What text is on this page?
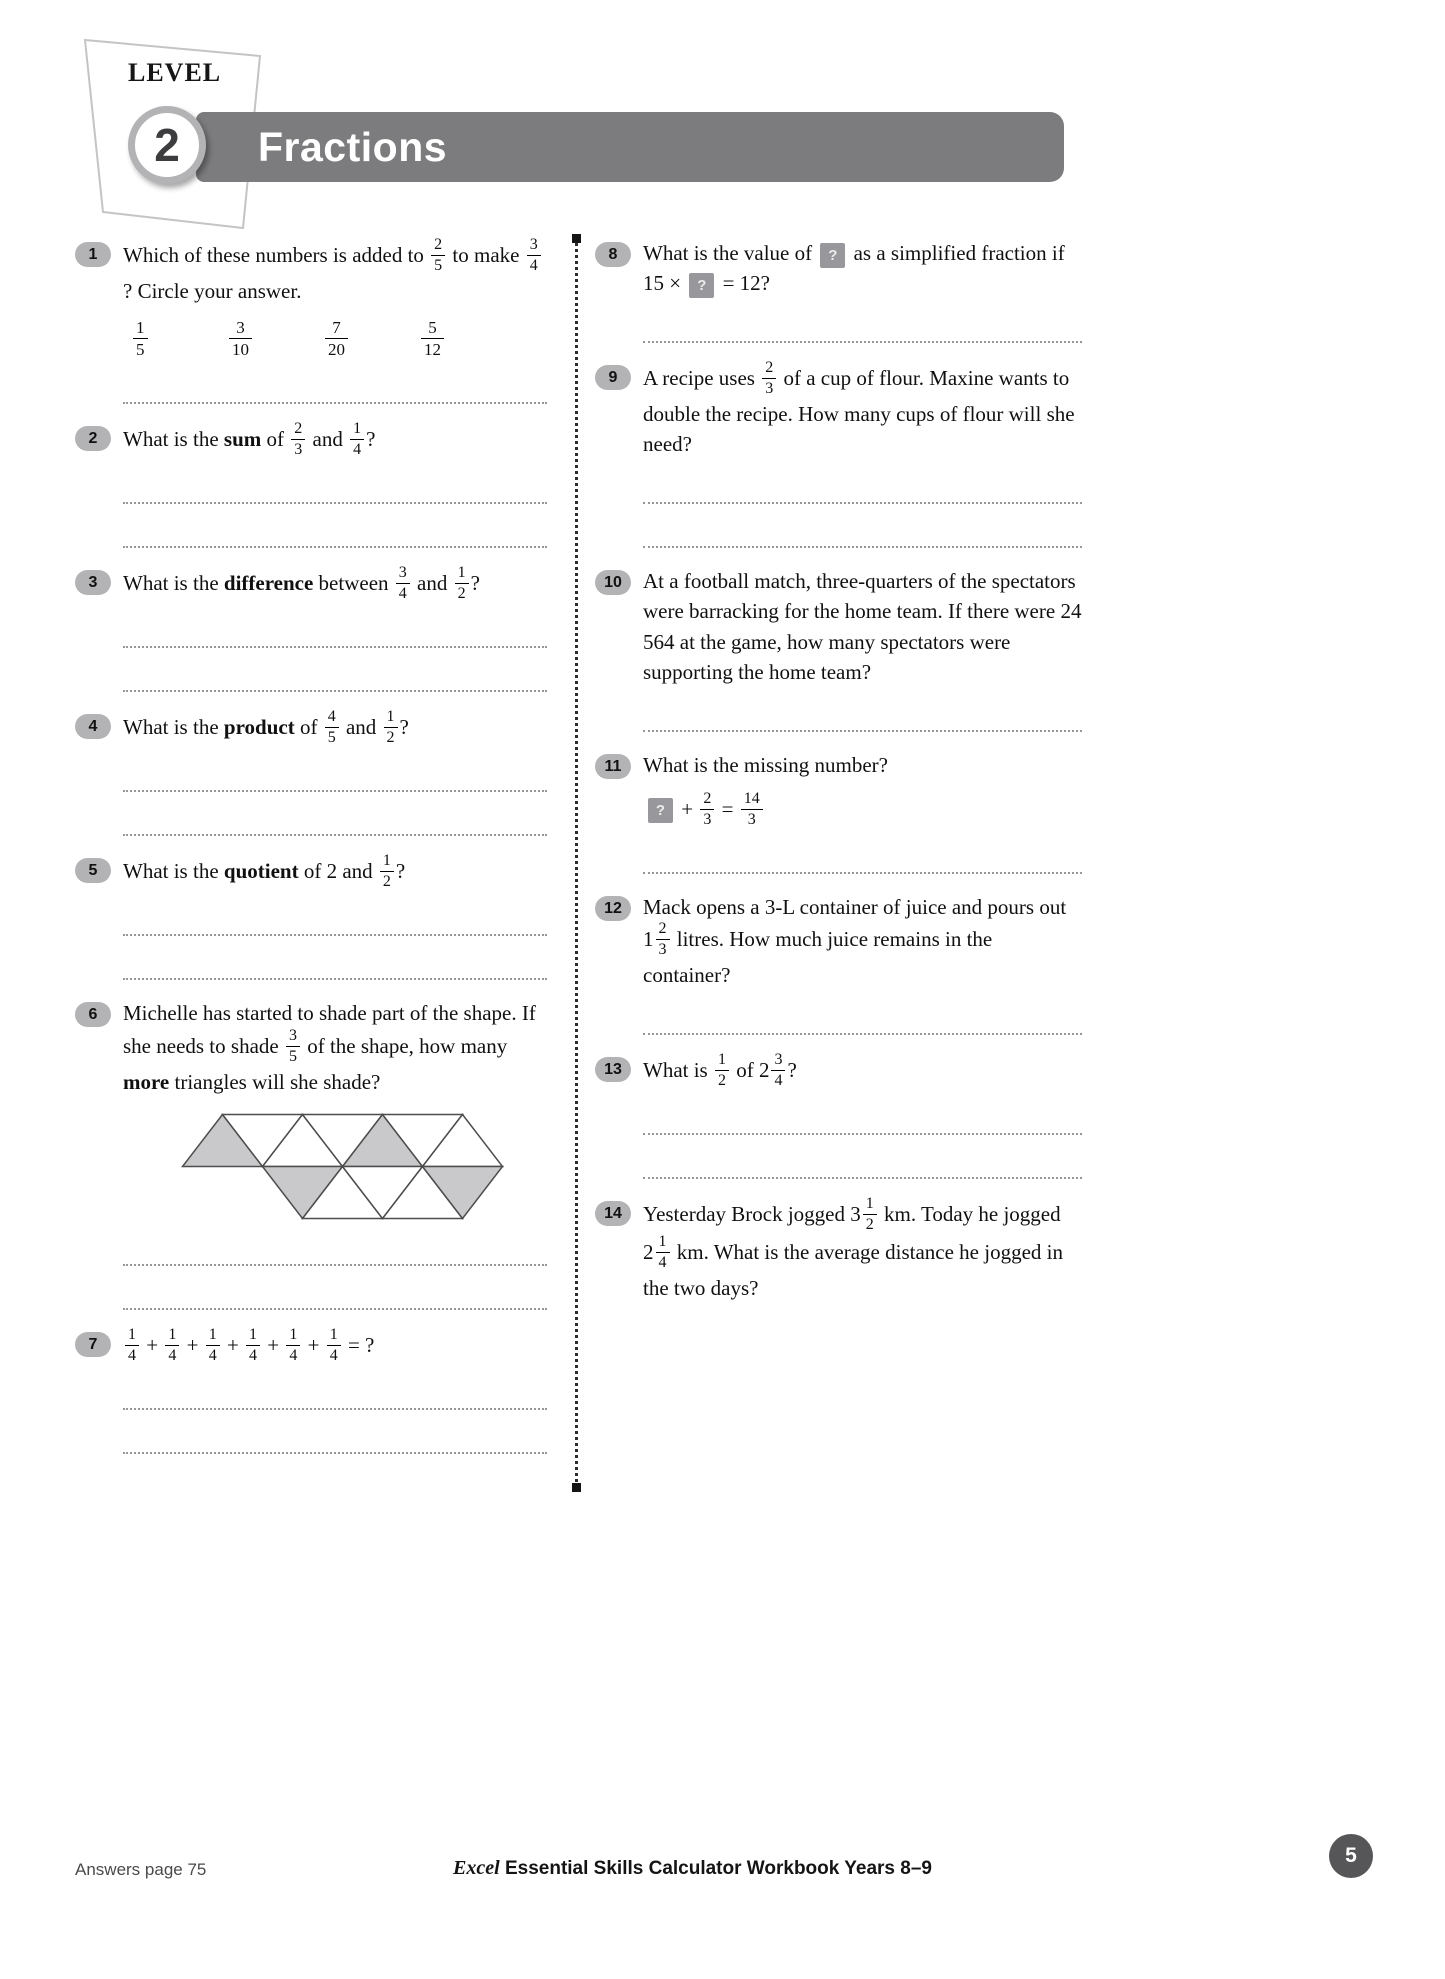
LEVEL
Fractions
2
1	Which of these numbers is added to $\frac{2}{5}$ to make $\frac{3}{4}$
? Circle your answer.

$\frac{1}{5}$	$\frac{3}{10}$	$\frac{7}{20}$	$\frac{5}{12}$
2	What is the sum of $\frac{2}{3}$ and $\frac{1}{4}$ ?

3	What is the difference between $\frac{3}{4}$ and $\frac{1}{2}$ ?

4	What is the product of $\frac{4}{5}$ and $\frac{1}{2}$ ?

5	What is the quotient of 2 and $\frac{1}{2}$ ?

6	Michelle has started to shade part of the shape. If she needs to shade $\frac{3}{5}$ of the shape, how many more triangles will she shade?

7	$\frac{1}{4} + \frac{1}{4} + \frac{1}{4} + \frac{1}{4} + \frac{1}{4} + \frac{1}{4}$ = ?

8	What is the value of ? as a simplified fraction if 15 × ? = 12?

9	A recipe uses $\frac{2}{3}$ of a cup of flour. Maxine wants to double the recipe. How many cups of flour will she need?

10	At a football match, three-quarters of the spectators were barracking for the home team. If there were 24 564 at the game, how many spectators were supporting the home team?

11	What is the missing number?

? + $\frac{2}{3} = \frac{14}{3}$
12	Mack opens a 3-L container of juice and pours out $1 \frac{2}{3}$ litres. How much juice remains in the container?

13	What is $\frac{1}{2}$ of $2 \frac{3}{4}$ ?

14	Yesterday Brock jogged $3 \frac{1}{2}$ km. Today he jogged $2 \frac{1}{4}$ km. What is the average distance he jogged in the two days?

Answers page 75	Excel Essential Skills Calculator Workbook Years 8–9
5
